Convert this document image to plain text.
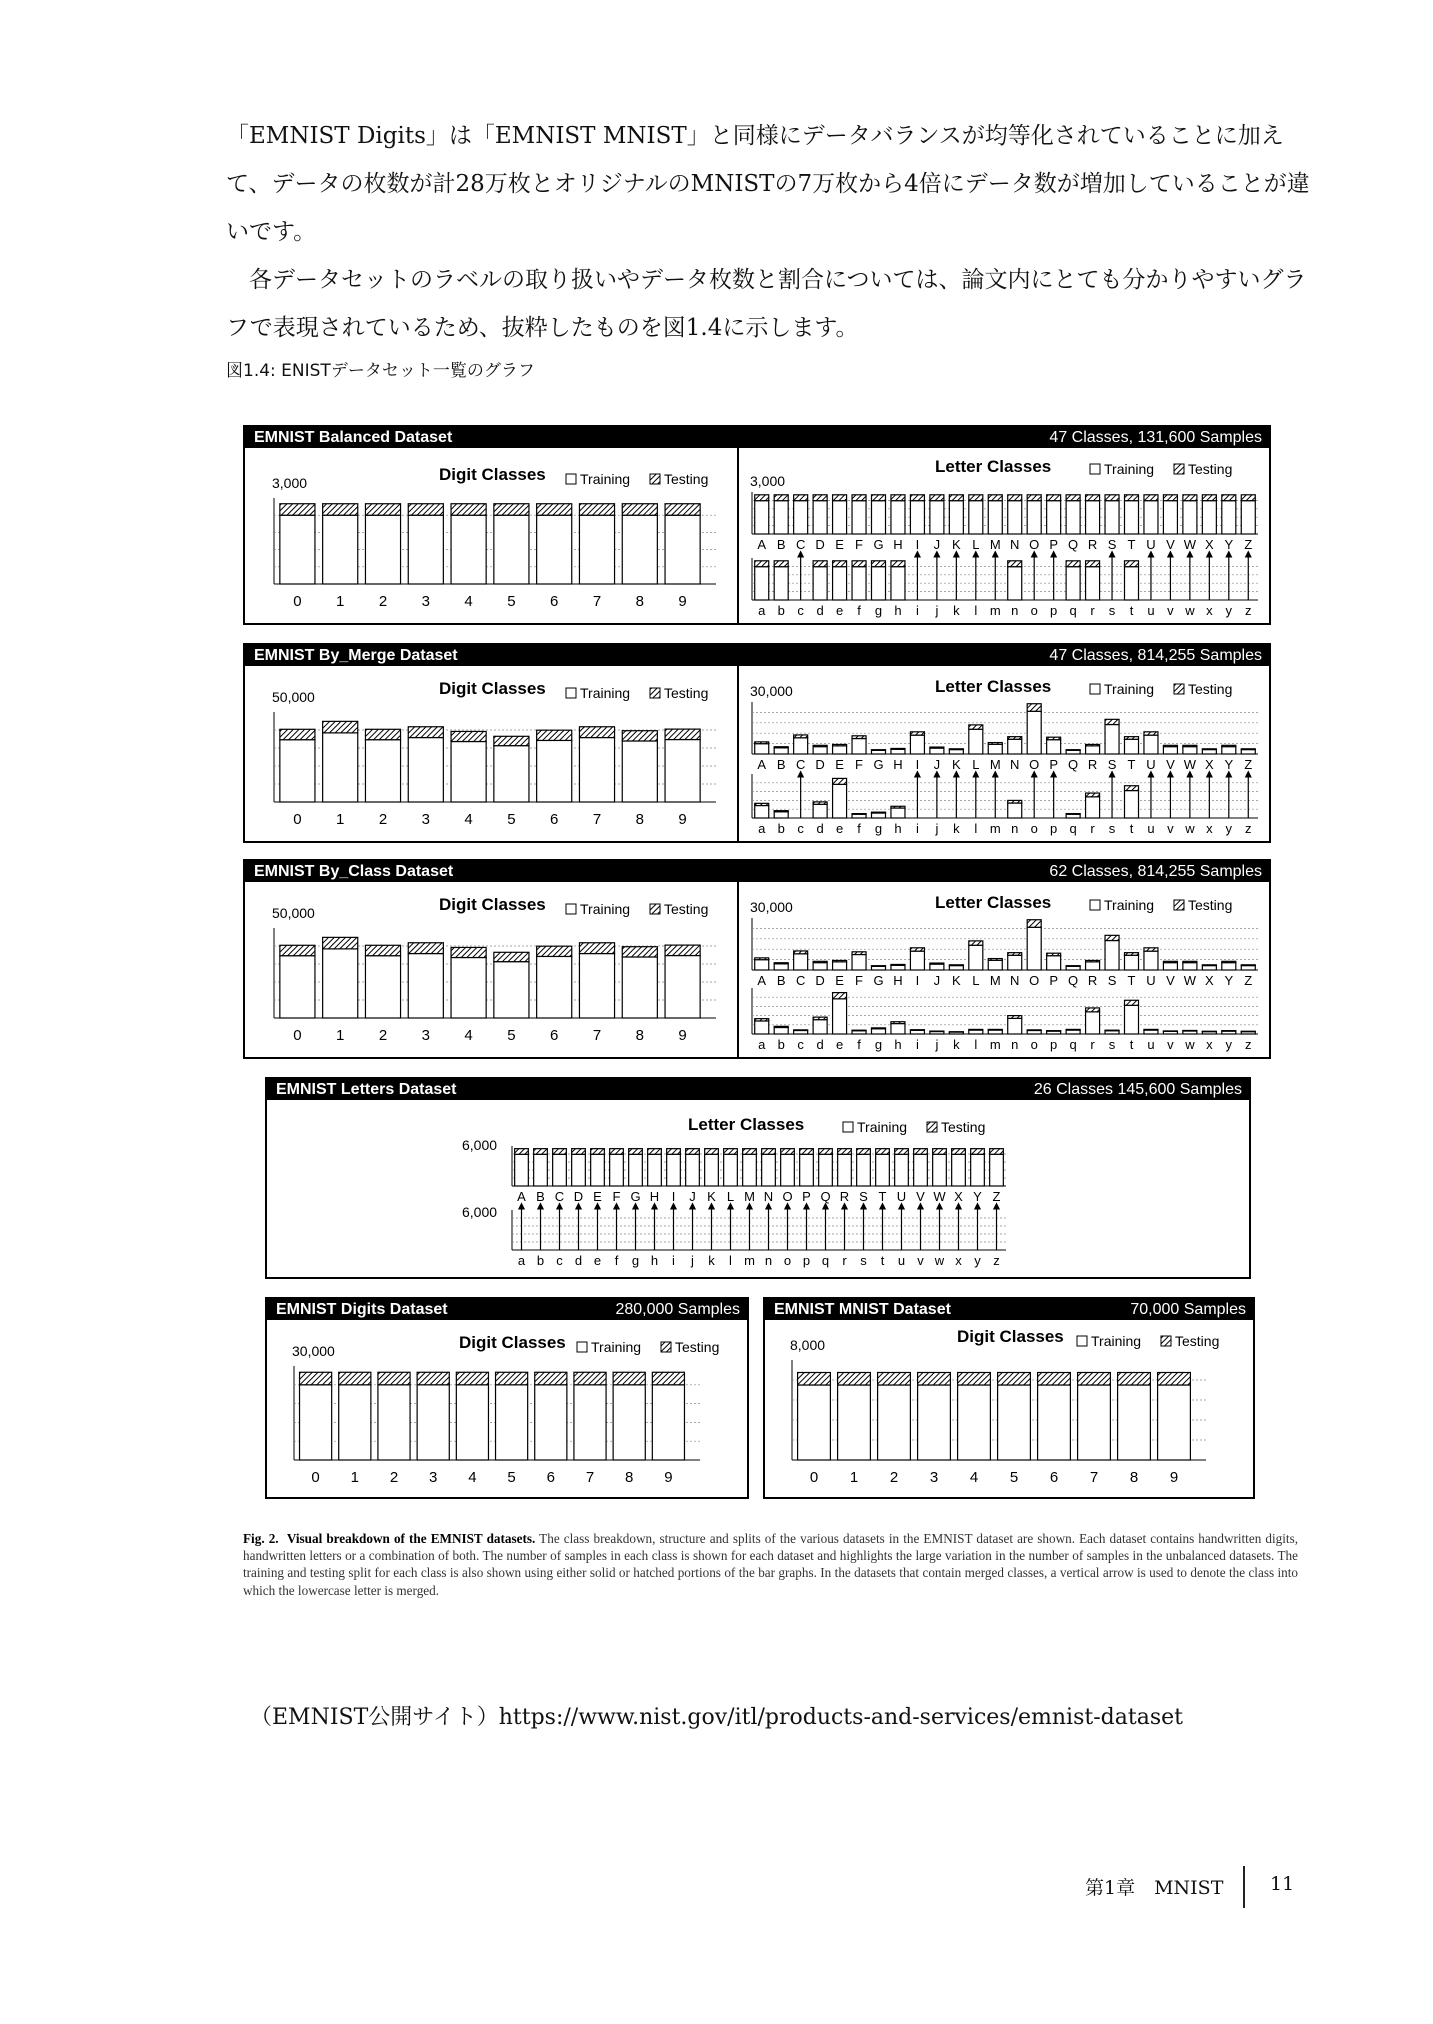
「EMNIST Digits」は「EMNIST MNIST」と同様にデータバランスが均等化されていることに加えて、データの枚数が計28万枚とオリジナルのMNISTの7万枚から4倍にデータ数が増加していることが違いです。

　各データセットのラベルの取り扱いやデータ枚数と割合については、論文内にとても分かりやすいグラフで表現されているため、抜粋したものを図1.4に示します。

図1.4: ENISTデータセット一覧のグラフ
EMNIST Balanced Dataset	47 Classes, 131,600 Samples
3,000	Digit Classes Training Testing
0 1 2 3 4 5 6 7 8 9
3,000
Letter Classes	Training Testing
A
a
B
b
C
c
D
d
E
e
F
f
G
g
H
h
I
i
J
j
K
k
L
l
M
m
N
n
O
o
P
p
Q
q
R
r
S
s
T
t
U
u
V
v
W
w
X
x
Y
y
Z
z
EMNIST By_Merge Dataset	47 Classes, 814,255 Samples
50,000	Digit Classes Training Testing
0 1 2 3 4 5 6 7 8 9
30,000	Letter Classes	Training Testing
A
a
B
b
C
c
D
d
E
e
F
f
G
g
H
h
I
i
J
j
K
k
L
l
M
m
N
n
O
o
P
p
Q
q
R
r
S
s
T
t
U
u
V
v
W
w
X
x
Y
y
Z
z
EMNIST By_Class Dataset	62 Classes, 814,255 Samples
50,000	Digit Classes Training Testing
0 1 2 3 4 5 6 7 8 9
30,000	Letter Classes	Training Testing
A
a
B
b
C
c
D
d
E
e
F
f
G
g
H
h
I
i
J
j
K
k
L
l
M
m
N
n
O
o
P
p
Q
q
R
r
S
s
T
t
U
u
V
v
W
w
X
x
Y
y
Z
z
EMNIST Letters Dataset	26 Classes 145,600 Samples
6,000
6,000
Letter Classes	Training Testing
A
a
B
b
C
c
D
d
E
e
F
f
G
g
H
h
I
i
J
j
K
k
L
l
M
m
N
n
O
o
P
p
Q
q
R
r
S
s
T
t
U
u
V
v
W
w
X
x
Y
y
Z
z
EMNIST Digits Dataset	280,000 Samples
30,000	Digit Classes Training Testing
0 1 2 3 4 5 6 7 8 9
EMNIST MNIST Dataset	70,000 Samples
8,000	Digit Classes Training Testing
0 1 2 3 4 5 6 7 8 9
Fig. 2. Visual breakdown of the EMNIST datasets. The class breakdown, structure and splits of the various datasets in the EMNIST dataset are shown. Each dataset contains handwritten digits, handwritten letters or a combination of both. The number of samples in each class is shown for each dataset and highlights the large variation in the number of samples in the unbalanced datasets. The training and testing split for each class is also shown using either solid or hatched portions of the bar graphs. In the datasets that contain merged classes, a vertical arrow is used to denote the class into which the lowercase letter is merged.
（EMNIST公開サイト）https://www.nist.gov/itl/products-and-services/emnist-dataset
第1章　MNIST 11
